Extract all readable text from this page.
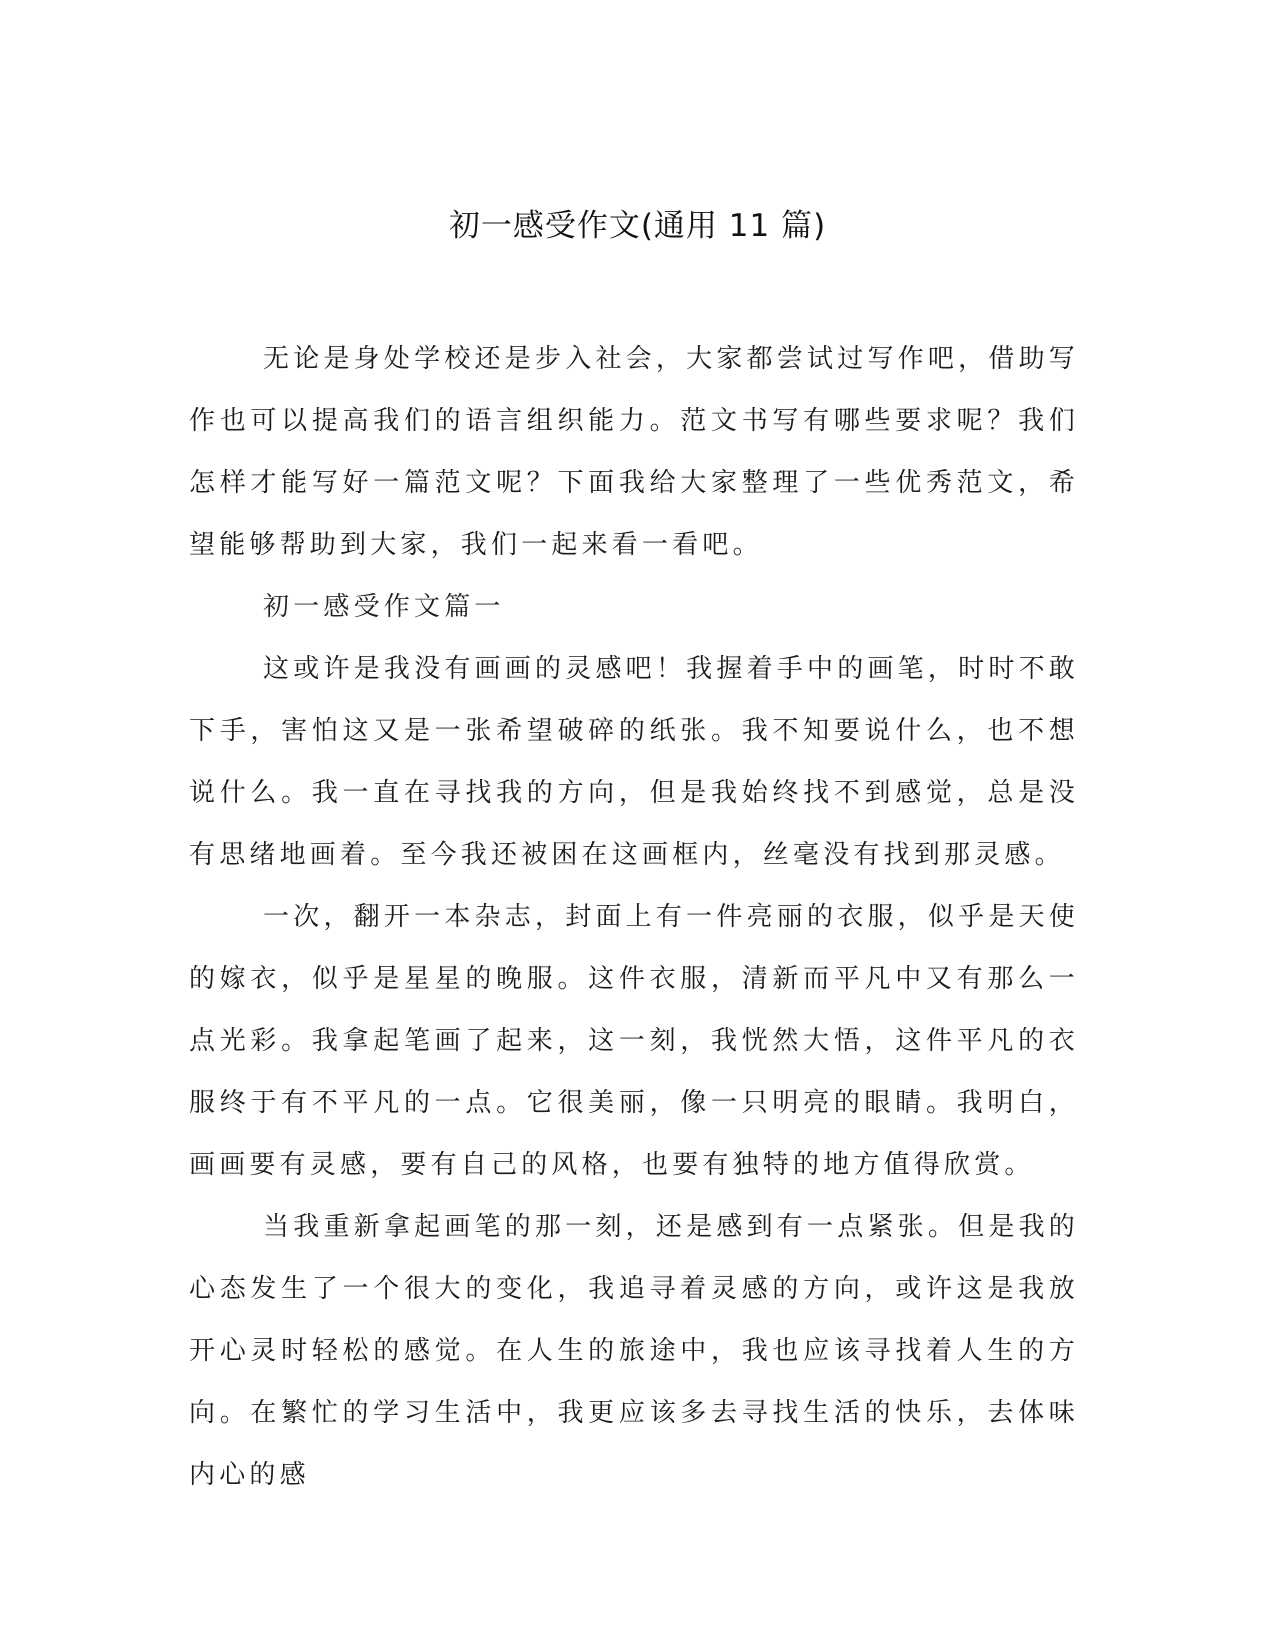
初一感受作文(通用 11 篇)

无论是身处学校还是步入社会，大家都尝试过写作吧，借助写作也可以提高我们的语言组织能力。范文书写有哪些要求呢？我们怎样才能写好一篇范文呢？下面我给大家整理了一些优秀范文，希望能够帮助到大家，我们一起来看一看吧。

初一感受作文篇一

这或许是我没有画画的灵感吧！我握着手中的画笔，时时不敢下手，害怕这又是一张希望破碎的纸张。我不知要说什么，也不想说什么。我一直在寻找我的方向，但是我始终找不到感觉，总是没有思绪地画着。至今我还被困在这画框内，丝毫没有找到那灵感。

一次，翻开一本杂志，封面上有一件亮丽的衣服，似乎是天使的嫁衣，似乎是星星的晚服。这件衣服，清新而平凡中又有那么一点光彩。我拿起笔画了起来，这一刻，我恍然大悟，这件平凡的衣服终于有不平凡的一点。它很美丽，像一只明亮的眼睛。我明白，画画要有灵感，要有自己的风格，也要有独特的地方值得欣赏。

当我重新拿起画笔的那一刻，还是感到有一点紧张。但是我的心态发生了一个很大的变化，我追寻着灵感的方向，或许这是我放开心灵时轻松的感觉。在人生的旅途中，我也应该寻找着人生的方向。在繁忙的学习生活中，我更应该多去寻找生活的快乐，去体味内心的感
